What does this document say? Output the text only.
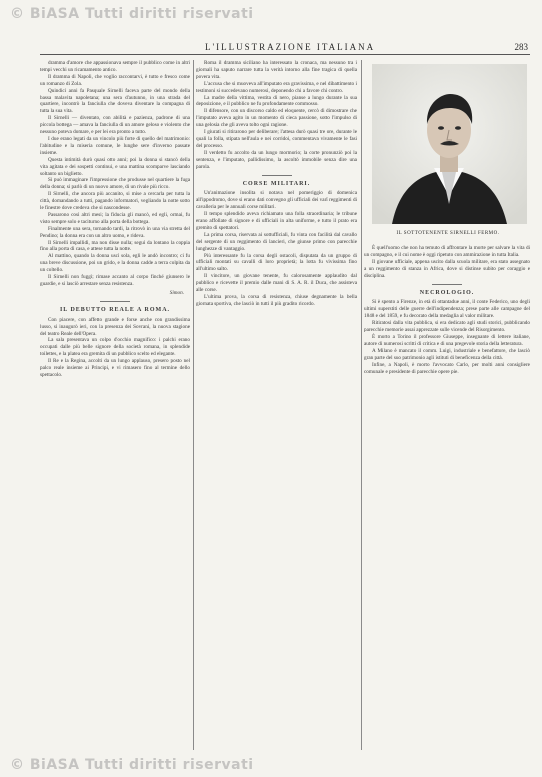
© BiASA Tutti diritti riservati
L'ILLUSTRAZIONE ITALIANA	283

dramma d'amore che appassionava sempre il pubblico come in altri tempi vecchi un ricamamento antico.

Il dramma di Napoli, che voglio raccontarvi, è tutto e fresco come un romanzo di Zola.

Quindici anni fa Pasquale Sirnelli faceva parte del mondo della bassa malavita napoletana; una sera d'autunno, in una strada del quartiere, incontrò la fanciulla che doveva diventare la compagna di tutta la sua vita.

Il Sirnelli — diventato, con abilità e pazienza, padrone di una piccola bottega — amava la fanciulla di un amore geloso e violento che nessuno poteva domare, e per lei era pronto a tutto.

I due erano legati da un vincolo più forte di quello del matrimonio: l'abitudine e la miseria comune, le lunghe sere d'inverno passate insieme.

Questa intimità durò quasi otto anni; poi la donna si stancò della vita agitata e dei sospetti continui, e una mattina scomparve lasciando soltanto un biglietto.

Si può immaginare l'impressione che produsse nel quartiere la fuga della donna; si parlò di un nuovo amore, di un rivale più ricco.

Il Sirnelli, che ancora più accanito, si mise a cercarla per tutta la città, domandando a tutti, pagando informatori, vegliando la notte sotto le finestre dove credeva che si nascondesse.

Passarono così altri mesi; la fiducia gli mancò, ed egli, ormai, fu visto sempre solo e taciturno alla porta della bottega.

Finalmente una sera, tornando tardi, la ritrovò in una via stretta del Pendino; la donna era con un altro uomo, e rideva.

Il Sirnelli impallidì, ma non disse nulla; seguì da lontano la coppia fino alla porta di casa, e attese tutta la notte.

Al mattino, quando la donna uscì sola, egli le andò incontro; ci fu una breve discussione, poi un grido, e la donna cadde a terra colpita da un coltello.

Il Sirnelli non fuggì; rimase accanto al corpo finché giunsero le guardie, e si lasciò arrestare senza resistenza.

Simon.
IL DEBUTTO REALE A ROMA.

Con piacere, con affetto grande e forse anche con grandissima lusso, si inaugurò ieri, con la presenza dei Sovrani, la nuova stagione del teatro Reale dell'Opera.

La sala presentava un colpo d'occhio magnifico: i palchi erano occupati dalle più belle signore della società romana, in splendide toilettes, e la platea era gremita di un pubblico scelto ed elegante.

Il Re e la Regina, accolti da un lungo applauso, presero posto nel palco reale insieme ai Principi, e vi rimasero fino al termine dello spettacolo.

Roma il dramma siciliano ha interessato la cronaca, ma nessuno tra i giornali ha saputo narrare tutta la verità intorno alla fine tragica di quella povera vita.

L'accusa che si muoveva all'imputato era gravissima, e nel dibattimento i testimoni si succedevano numerosi, deponendo chi a favore chi contro.

La madre della vittima, vestita di nero, pianse a lungo durante la sua deposizione, e il pubblico ne fu profondamente commosso.

Il difensore, con un discorso caldo ed eloquente, cercò di dimostrare che l'imputato aveva agito in un momento di cieca passione, sotto l'impulso di una gelosia che gli aveva tolto ogni ragione.

I giurati si ritirarono per deliberare; l'attesa durò quasi tre ore, durante le quali la folla, stipata nell'aula e nei corridoi, commentava vivamente le fasi del processo.

Il verdetto fu accolto da un lungo mormorio; la corte pronunziò poi la sentenza, e l'imputato, pallidissimo, la ascoltò immobile senza dire una parola.

CORSE MILITARI.

Un'animazione insolita si notava nel pomeriggio di domenica all'ippodromo, dove si erano dati convegno gli ufficiali dei varî reggimenti di cavalleria per le annuali corse militari.

Il tempo splendido aveva richiamato una folla straordinaria; le tribune erano affollate di signore e di ufficiali in alta uniforme, e tutto il prato era gremito di spettatori.

La prima corsa, riservata ai sottufficiali, fu vinta con facilità dal cavallo del sergente di un reggimento di lancieri, che giunse primo con parecchie lunghezze di vantaggio.

Più interessante fu la corsa degli ostacoli, disputata da un gruppo di ufficiali montati su cavalli di loro proprietà; la lotta fu vivissima fino all'ultimo salto.

Il vincitore, un giovane tenente, fu calorosamente applaudito dal pubblico e ricevette il premio dalle mani di S. A. R. il Duca, che assisteva alle corse.

L'ultima prova, la corsa di resistenza, chiuse degnamente la bella giornata sportiva, che lasciò in tutti il più gradito ricordo.

IL SOTTOTENENTE SIRNELLI FERMO.

È quell'uomo che non ha temuto di affrontare la morte per salvare la vita di un compagno, e il cui nome è oggi ripetuto con ammirazione in tutta Italia.

Il giovane ufficiale, appena uscito dalla scuola militare, era stato assegnato a un reggimento di stanza in Africa, dove si distinse subito per coraggio e disciplina.

NECROLOGIO.

Si è spento a Firenze, in età di ottantadue anni, il conte Federico, uno degli ultimi superstiti delle guerre dell'indipendenza; prese parte alle campagne del 1848 e del 1859, e fu decorato della medaglia al valor militare.

Ritiratosi dalla vita pubblica, si era dedicato agli studi storici, pubblicando parecchie memorie assai apprezzate sulle vicende del Risorgimento.

È morto a Torino il professore Giuseppe, insegnante di lettere italiane, autore di numerosi scritti di critica e di una pregevole storia della letteratura.

A Milano è mancato il comm. Luigi, industriale e benefattore, che lasciò gran parte del suo patrimonio agli istituti di beneficenza della città.

Infine, a Napoli, è morto l'avvocato Carlo, per molti anni consigliere comunale e presidente di parecchie opere pie.

© BiASA Tutti diritti riservati
